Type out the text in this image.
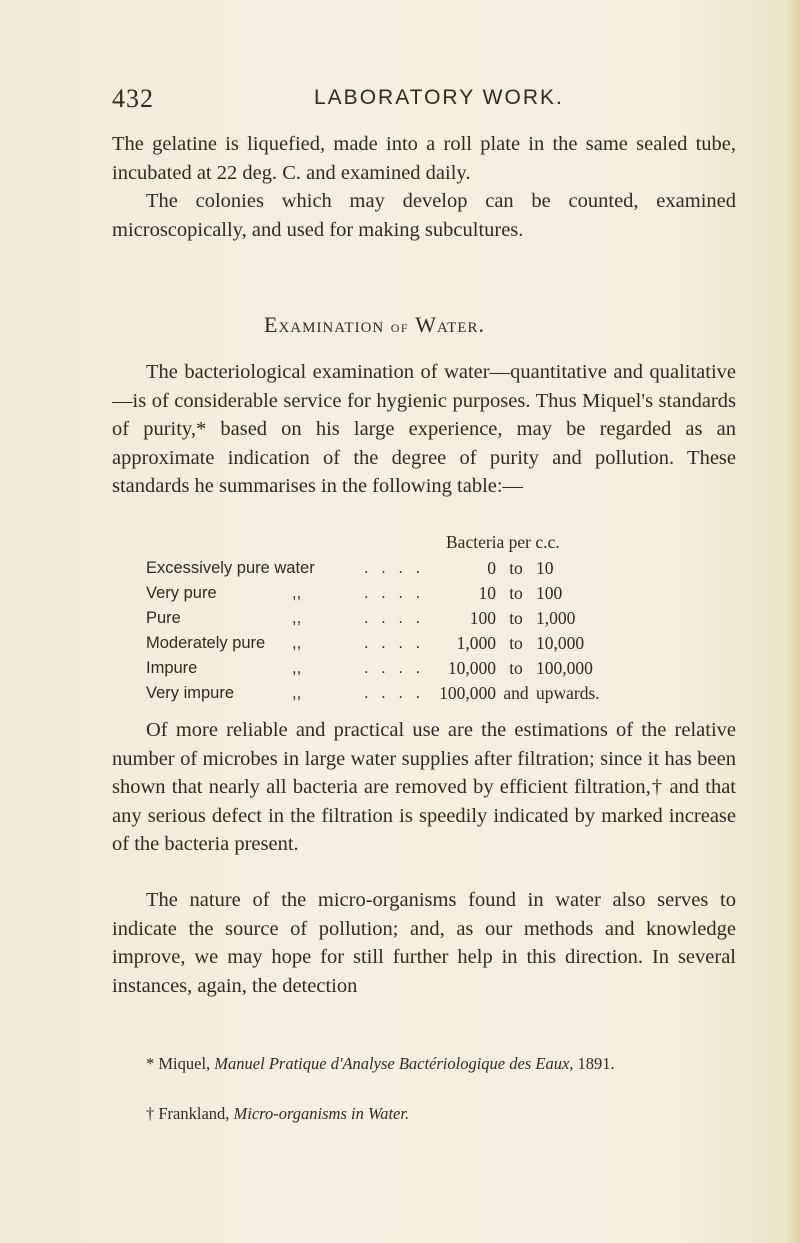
432	LABORATORY WORK.

The gelatine is liquefied, made into a roll plate in the same sealed tube, incubated at 22 deg. C. and examined daily.

The colonies which may develop can be counted, examined microscopically, and used for making subcultures.

Examination of Water.

The bacteriological examination of water—quantitative and qualitative—is of considerable service for hygienic purposes. Thus Miquel's standards of purity,* based on his large experience, may be regarded as an approximate indication of the degree of purity and pollution. These standards he summarises in the following table:—

Bacteria per c.c.
Excessively pure water	. . . .	0 to 10
Very pure	,,	. . . .	10 to 100
Pure	,,	. . . .	100 to 1,000
Moderately pure ,,	. . . .	1,000 to 10,000
Impure	,,	. . . .	10,000 to 100,000
Very impure	,,	. . . . 100,000 and upwards.

Of more reliable and practical use are the estimations of the relative number of microbes in large water supplies after filtration; since it has been shown that nearly all bacteria are removed by efficient filtration,† and that any serious defect in the filtration is speedily indicated by marked increase of the bacteria present.

The nature of the micro-organisms found in water also serves to indicate the source of pollution; and, as our methods and knowledge improve, we may hope for still further help in this direction. In several instances, again, the detection

* Miquel, Manuel Pratique d'Analyse Bactériologique des Eaux, 1891.
† Frankland, Micro-organisms in Water.
